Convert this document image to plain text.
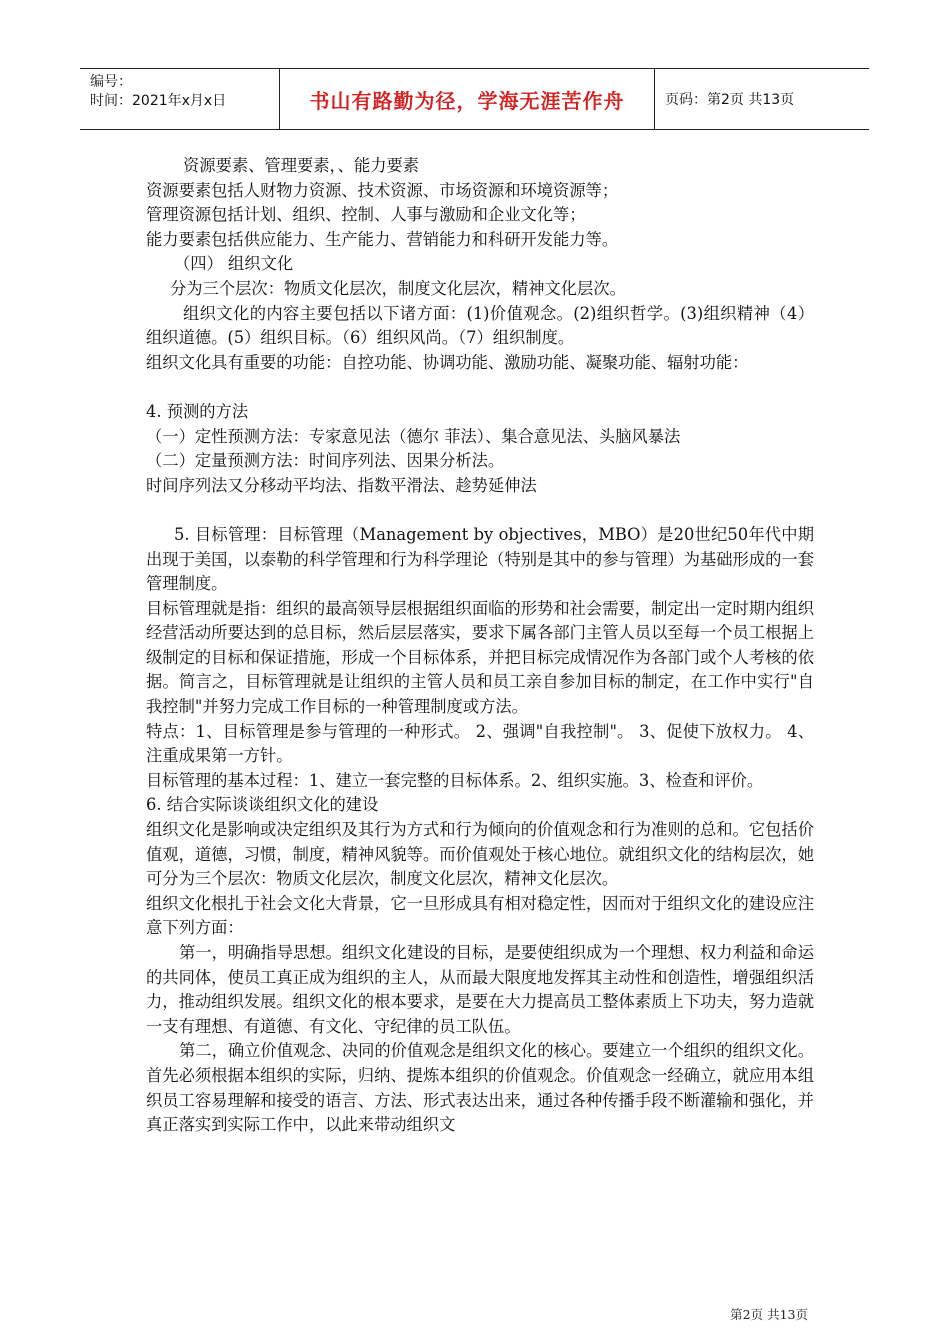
编号：
时间：2021年x月x日	书山有路勤为径，学海无涯苦作舟	页码：第2页 共13页

资源要素、管理要素，、能力要素

资源要素包括人财物力资源、技术资源、市场资源和环境资源等；

管理资源包括计划、组织、控制、人事与激励和企业文化等；

能力要素包括供应能力、生产能力、营销能力和科研开发能力等。

（四） 组织文化

分为三个层次：物质文化层次，制度文化层次，精神文化层次。

组织文化的内容主要包括以下诸方面：(1)价值观念。(2)组织哲学。(3)组织精神（4）组织道德。(5）组织目标。（6）组织风尚。（7）组织制度。

组织文化具有重要的功能：自控功能、协调功能、激励功能、凝聚功能、辐射功能：

4. 预测的方法

（一）定性预测方法：专家意见法（德尔 菲法）、集合意见法、头脑风暴法

（二）定量预测方法：时间序列法、因果分析法。

时间序列法又分移动平均法、指数平滑法、趁势延伸法

5. 目标管理：目标管理（Management by objectives，MBO）是20世纪50年代中期出现于美国，以泰勒的科学管理和行为科学理论（特别是其中的参与管理）为基础形成的一套管理制度。

目标管理就是指：组织的最高领导层根据组织面临的形势和社会需要，制定出一定时期内组织经营活动所要达到的总目标，然后层层落实，要求下属各部门主管人员以至每一个员工根据上级制定的目标和保证措施，形成一个目标体系，并把目标完成情况作为各部门或个人考核的依据。简言之，目标管理就是让组织的主管人员和员工亲自参加目标的制定，在工作中实行"自我控制"并努力完成工作目标的一种管理制度或方法。

特点：1、目标管理是参与管理的一种形式。 2、强调"自我控制"。 3、促使下放权力。 4、注重成果第一方针。

目标管理的基本过程：1、建立一套完整的目标体系。2、组织实施。3、检查和评价。

6. 结合实际谈谈组织文化的建设

组织文化是影响或决定组织及其行为方式和行为倾向的价值观念和行为准则的总和。它包括价值观，道德，习惯，制度，精神风貌等。而价值观处于核心地位。就组织文化的结构层次，她可分为三个层次：物质文化层次，制度文化层次，精神文化层次。

组织文化根扎于社会文化大背景，它一旦形成具有相对稳定性，因而对于组织文化的建设应注意下列方面：

第一，明确指导思想。组织文化建设的目标，是要使组织成为一个理想、权力利益和命运的共同体，使员工真正成为组织的主人，从而最大限度地发挥其主动性和创造性，增强组织活力，推动组织发展。组织文化的根本要求，是要在大力提高员工整体素质上下功夫，努力造就一支有理想、有道德、有文化、守纪律的员工队伍。

第二，确立价值观念、决同的价值观念是组织文化的核心。要建立一个组织的组织文化。首先必须根据本组织的实际，归纳、提炼本组织的价值观念。价值观念一经确立，就应用本组织员工容易理解和接受的语言、方法、形式表达出来，通过各种传播手段不断灌输和强化，并真正落实到实际工作中，以此来带动组织文

第2页 共13页
